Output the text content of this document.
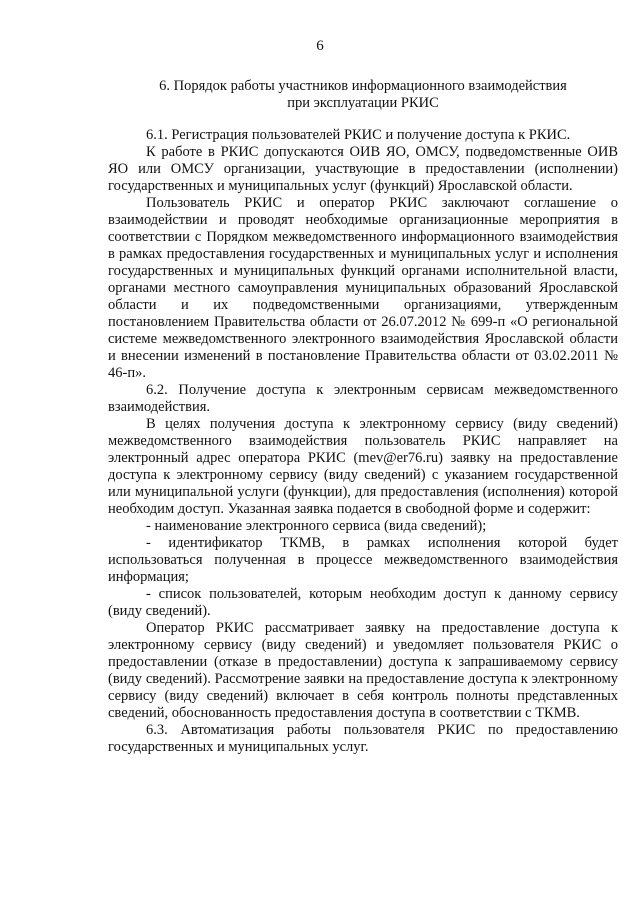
6
6. Порядок работы участников информационного взаимодействия
при эксплуатации РКИС

6.1. Регистрация пользователей РКИС и получение доступа к РКИС.

К работе в РКИС допускаются ОИВ ЯО, ОМСУ, подведомственные ОИВ ЯО или ОМСУ организации, участвующие в предоставлении (исполнении) государственных и муниципальных услуг (функций) Ярославской области.

Пользователь РКИС и оператор РКИС заключают соглашение о взаимодействии и проводят необходимые организационные мероприятия в соответствии с Порядком межведомственного информационного взаимодействия в рамках предоставления государственных и муниципальных услуг и исполнения государственных и муниципальных функций органами исполнительной власти, органами местного самоуправления муниципальных образований Ярославской области и их подведомственными организациями, утвержденным постановлением Правительства области от 26.07.2012 № 699-п «О региональной системе межведомственного электронного взаимодействия Ярославской области и внесении изменений в постановление Правительства области от 03.02.2011 № 46-п».

6.2. Получение доступа к электронным сервисам межведомственного взаимодействия.

В целях получения доступа к электронному сервису (виду сведений) межведомственного взаимодействия пользователь РКИС направляет на электронный адрес оператора РКИС (mev@er76.ru) заявку на предоставление доступа к электронному сервису (виду сведений) с указанием государственной или муниципальной услуги (функции), для предоставления (исполнения) которой необходим доступ. Указанная заявка подается в свободной форме и содержит:

- наименование электронного сервиса (вида сведений);

- идентификатор ТКМВ, в рамках исполнения которой будет использоваться полученная в процессе межведомственного взаимодействия информация;

- список пользователей, которым необходим доступ к данному сервису (виду сведений).

Оператор РКИС рассматривает заявку на предоставление доступа к электронному сервису (виду сведений) и уведомляет пользователя РКИС о предоставлении (отказе в предоставлении) доступа к запрашиваемому сервису (виду сведений). Рассмотрение заявки на предоставление доступа к электронному сервису (виду сведений) включает в себя контроль полноты представленных сведений, обоснованность предоставления доступа в соответствии с ТКМВ.

6.3. Автоматизация работы пользователя РКИС по предоставлению государственных и муниципальных услуг.
